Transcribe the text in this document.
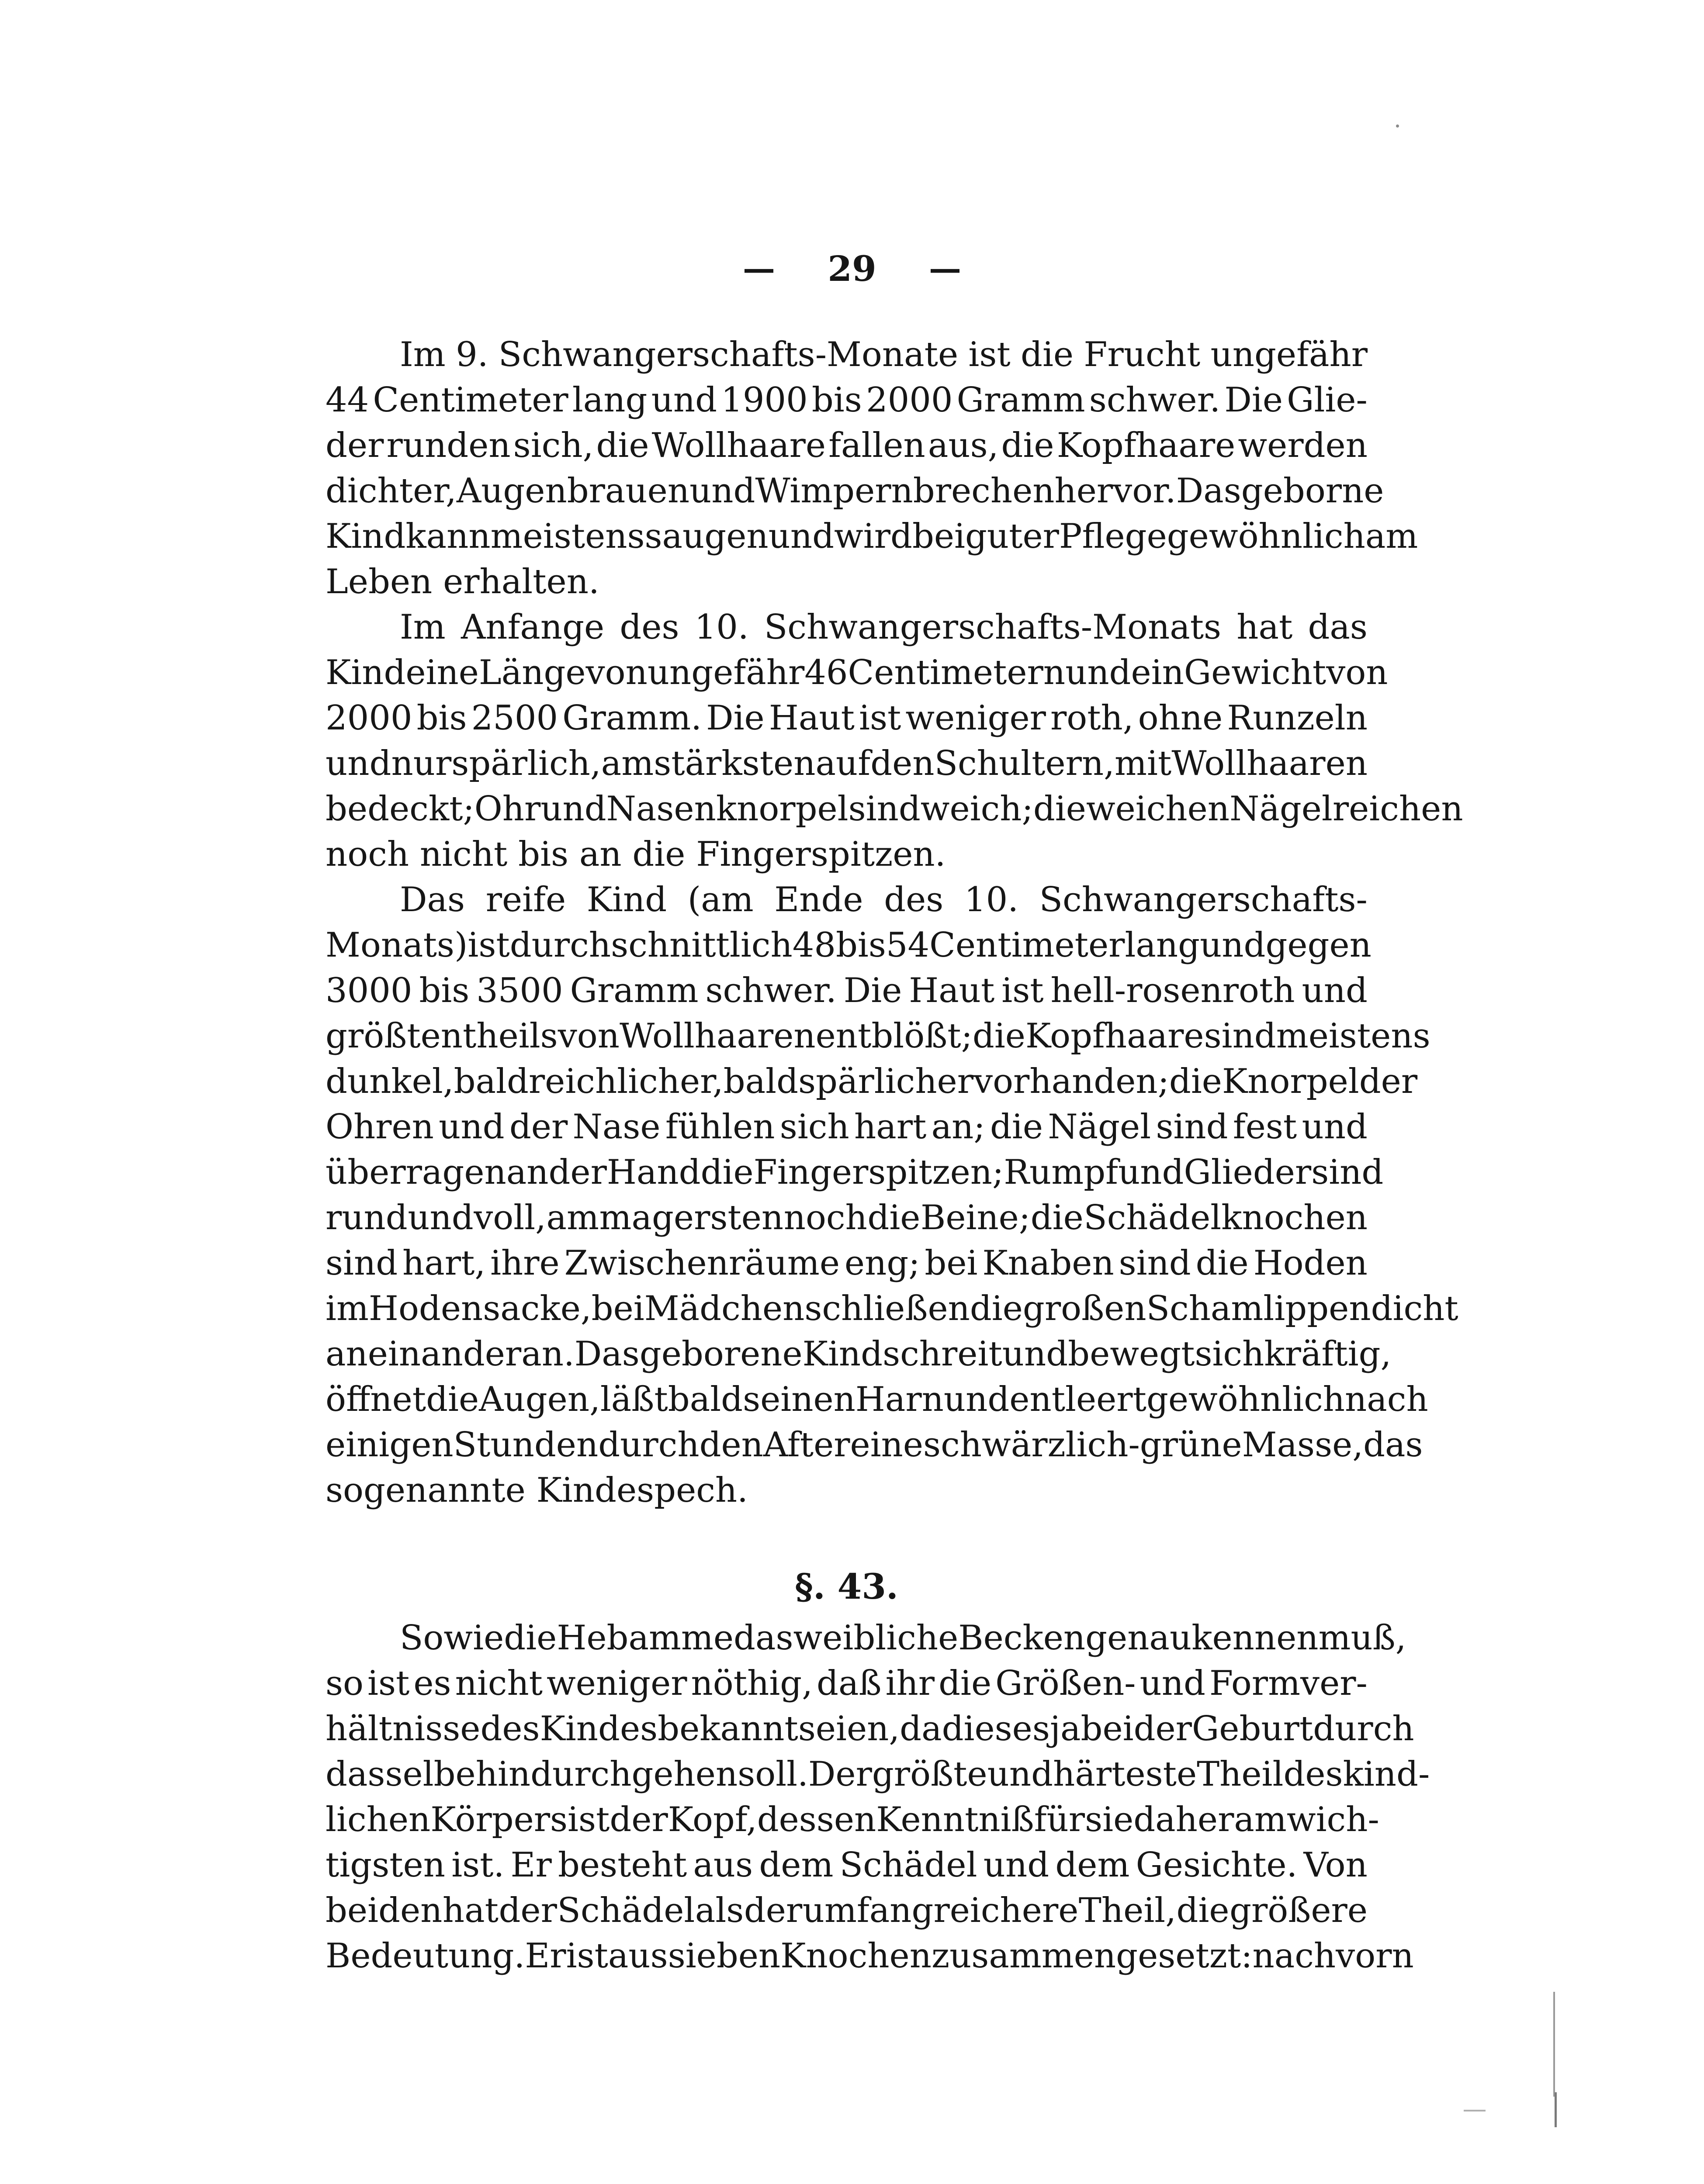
— 29 —
Im 9. Schwangerschafts-Monate ist die Frucht ungefähr
44 Centimeter lang und 1900 bis 2000 Gramm schwer. Die Glie-
der runden sich, die Wollhaare fallen aus, die Kopfhaare werden
dichter, Augenbrauen und Wimpern brechen hervor. Das geborne
Kind kann meistens saugen und wird bei guter Pflege gewöhnlich am
Leben erhalten.
Im Anfange des 10. Schwangerschafts-Monats hat das
Kind eine Länge von ungefähr 46 Centimetern und ein Gewicht von
2000 bis 2500 Gramm. Die Haut ist weniger roth, ohne Runzeln
und nur spärlich, am stärksten auf den Schultern, mit Wollhaaren
bedeckt; Ohr und Nasenknorpel sind weich; die weichen Nägel reichen
noch nicht bis an die Fingerspitzen.
Das reife Kind (am Ende des 10. Schwangerschafts-
Monats) ist durchschnittlich 48 bis 54 Centimeter lang und gegen
3000 bis 3500 Gramm schwer. Die Haut ist hell-rosenroth und
größtentheils von Wollhaaren entblößt; die Kopfhaare sind meistens
dunkel, bald reichlicher, bald spärlicher vorhanden; die Knorpel der
Ohren und der Nase fühlen sich hart an; die Nägel sind fest und
überragen an der Hand die Fingerspitzen; Rumpf und Glieder sind
rund und voll, am magersten noch die Beine; die Schädelknochen
sind hart, ihre Zwischenräume eng; bei Knaben sind die Hoden
im Hodensacke, bei Mädchen schließen die großen Schamlippen dicht
an einander an. Das geborene Kind schreit und bewegt sich kräftig,
öffnet die Augen, läßt bald seinen Harn und entleert gewöhnlich nach
einigen Stunden durch den After eine schwärzlich-grüne Masse, das
sogenannte Kindespech.
§. 43.
So wie die Hebamme das weibliche Becken genau kennen muß,
so ist es nicht weniger nöthig, daß ihr die Größen- und Formver-
hältnisse des Kindes bekannt seien, da dieses ja bei der Geburt durch
dasselbe hindurchgehen soll. Der größte und härteste Theil des kind-
lichen Körpers ist der Kopf, dessen Kenntniß für sie daher am wich-
tigsten ist. Er besteht aus dem Schädel und dem Gesichte. Von
beiden hat der Schädel als der umfangreichere Theil, die größere
Bedeutung. Er ist aus sieben Knochen zusammengesetzt: nach vorn
